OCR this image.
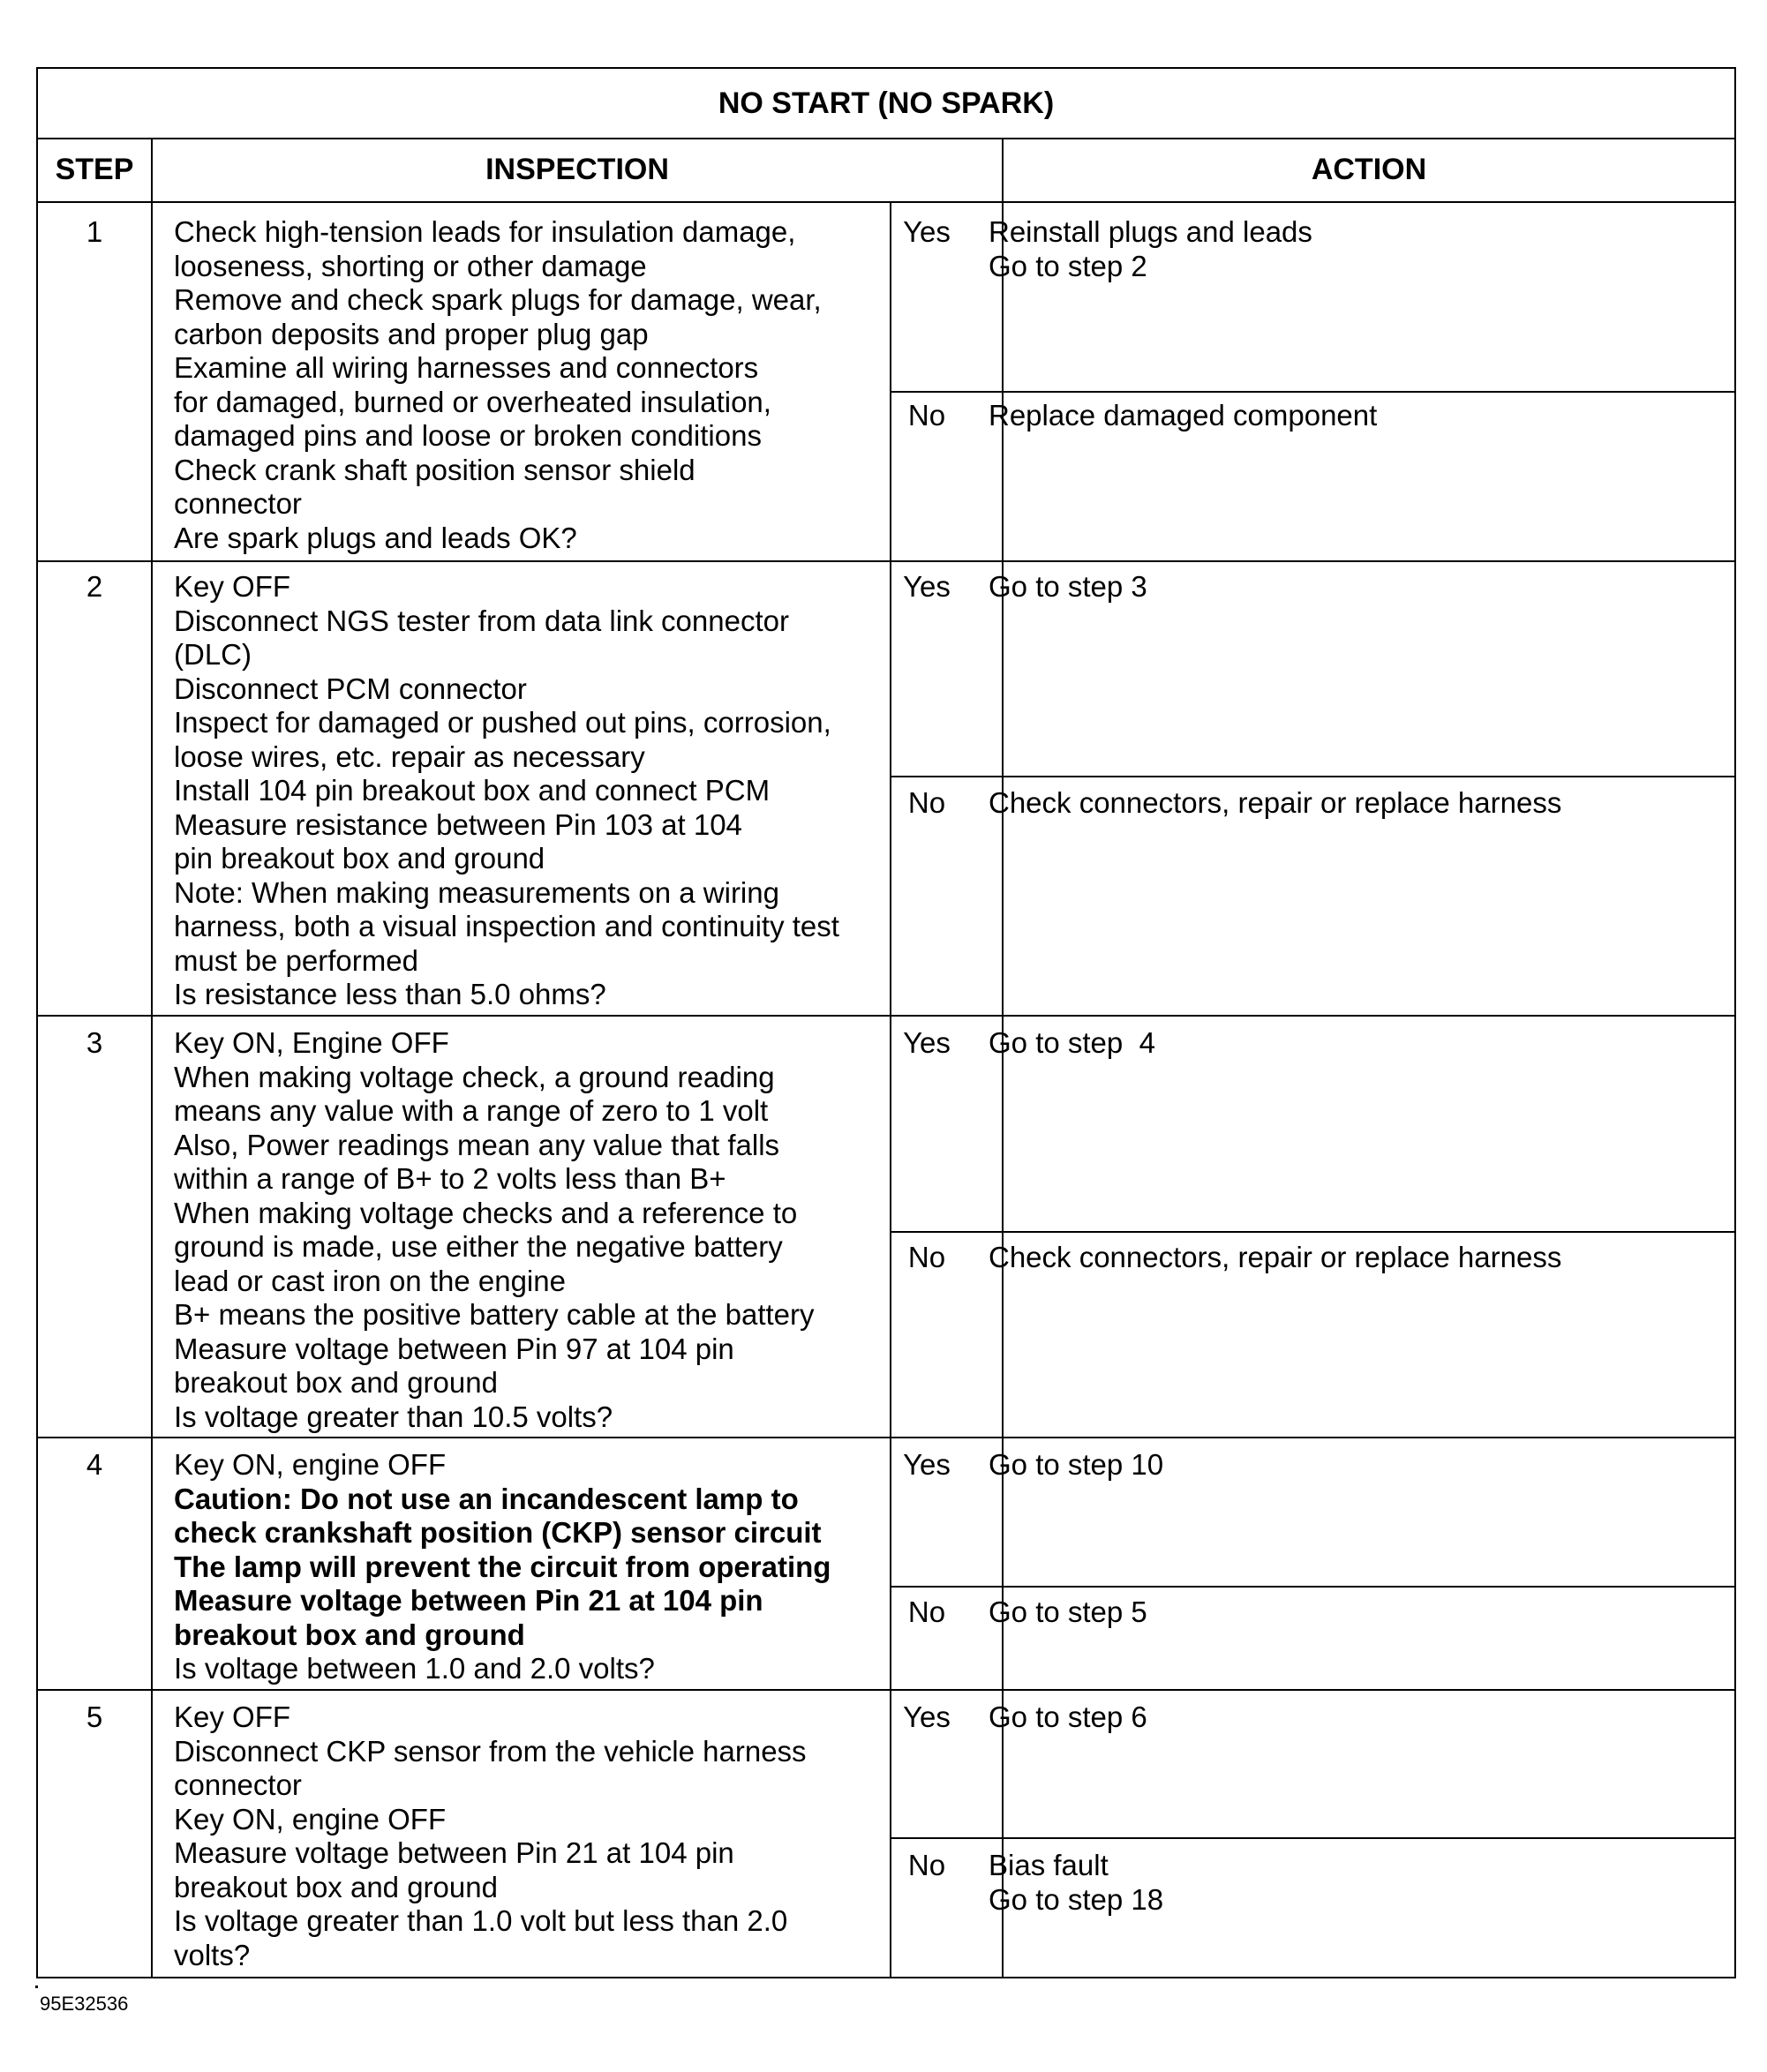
NO START (NO SPARK)
STEP	INSPECTION	ACTION
1	Check high-tension leads for insulation damage,
looseness, shorting or other damage
Remove and check spark plugs for damage, wear,
carbon deposits and proper plug gap
Examine all wiring harnesses and connectors
for damaged, burned or overheated insulation,
damaged pins and loose or broken conditions
Check crank shaft position sensor shield
connector
Are spark plugs and leads OK?
Yes	Reinstall plugs and leads
Go to step 2
No	Replace damaged component
2	Key OFF
Disconnect NGS tester from data link connector
(DLC)
Disconnect PCM connector
Inspect for damaged or pushed out pins, corrosion,
loose wires, etc. repair as necessary
Install 104 pin breakout box and connect PCM
Measure resistance between Pin 103 at 104
pin breakout box and ground
Note: When making measurements on a wiring
harness, both a visual inspection and continuity test
must be performed
Is resistance less than 5.0 ohms?
Yes	Go to step 3
No	Check connectors, repair or replace harness
3	Key ON, Engine OFF
When making voltage check, a ground reading
means any value with a range of zero to 1 volt
Also, Power readings mean any value that falls
within a range of B+ to 2 volts less than B+
When making voltage checks and a reference to
ground is made, use either the negative battery
lead or cast iron on the engine
B+ means the positive battery cable at the battery
Measure voltage between Pin 97 at 104 pin
breakout box and ground
Is voltage greater than 10.5 volts?
Yes	Go to step  4
No	Check connectors, repair or replace harness
4	Key ON, engine OFF
Caution: Do not use an incandescent lamp to
check crankshaft position (CKP) sensor circuit
The lamp will prevent the circuit from operating
Measure voltage between Pin 21 at 104 pin
breakout box and ground
Is voltage between 1.0 and 2.0 volts?
Yes	Go to step 10
No	Go to step 5
5	Key OFF
Disconnect CKP sensor from the vehicle harness
connector
Key ON, engine OFF
Measure voltage between Pin 21 at 104 pin
breakout box and ground
Is voltage greater than 1.0 volt but less than 2.0
volts?
Yes	Go to step 6
No	Bias fault
Go to step 18
95E32536
